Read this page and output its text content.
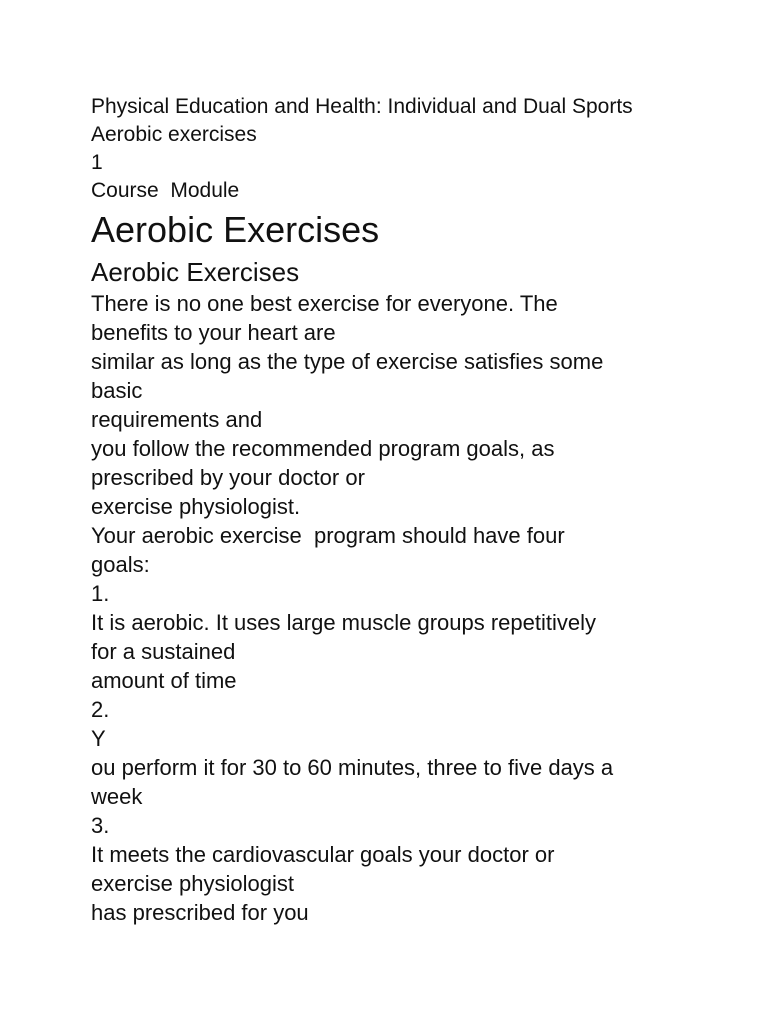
Physical Education and Health: Individual and Dual Sports
Aerobic exercises
1
Course  Module
Aerobic Exercises
Aerobic Exercises
There is no one best exercise for everyone. The
benefits to your heart are
similar as long as the type of exercise satisfies some
basic
requirements and
you follow the recommended program goals, as
prescribed by your doctor or
exercise physiologist.
Your aerobic exercise  program should have four
goals:
1.
It is aerobic. It uses large muscle groups repetitively
for a sustained
amount of time
2.
Y
ou perform it for 30 to 60 minutes, three to five days a
week
3.
It meets the cardiovascular goals your doctor or
exercise physiologist
has prescribed for you
